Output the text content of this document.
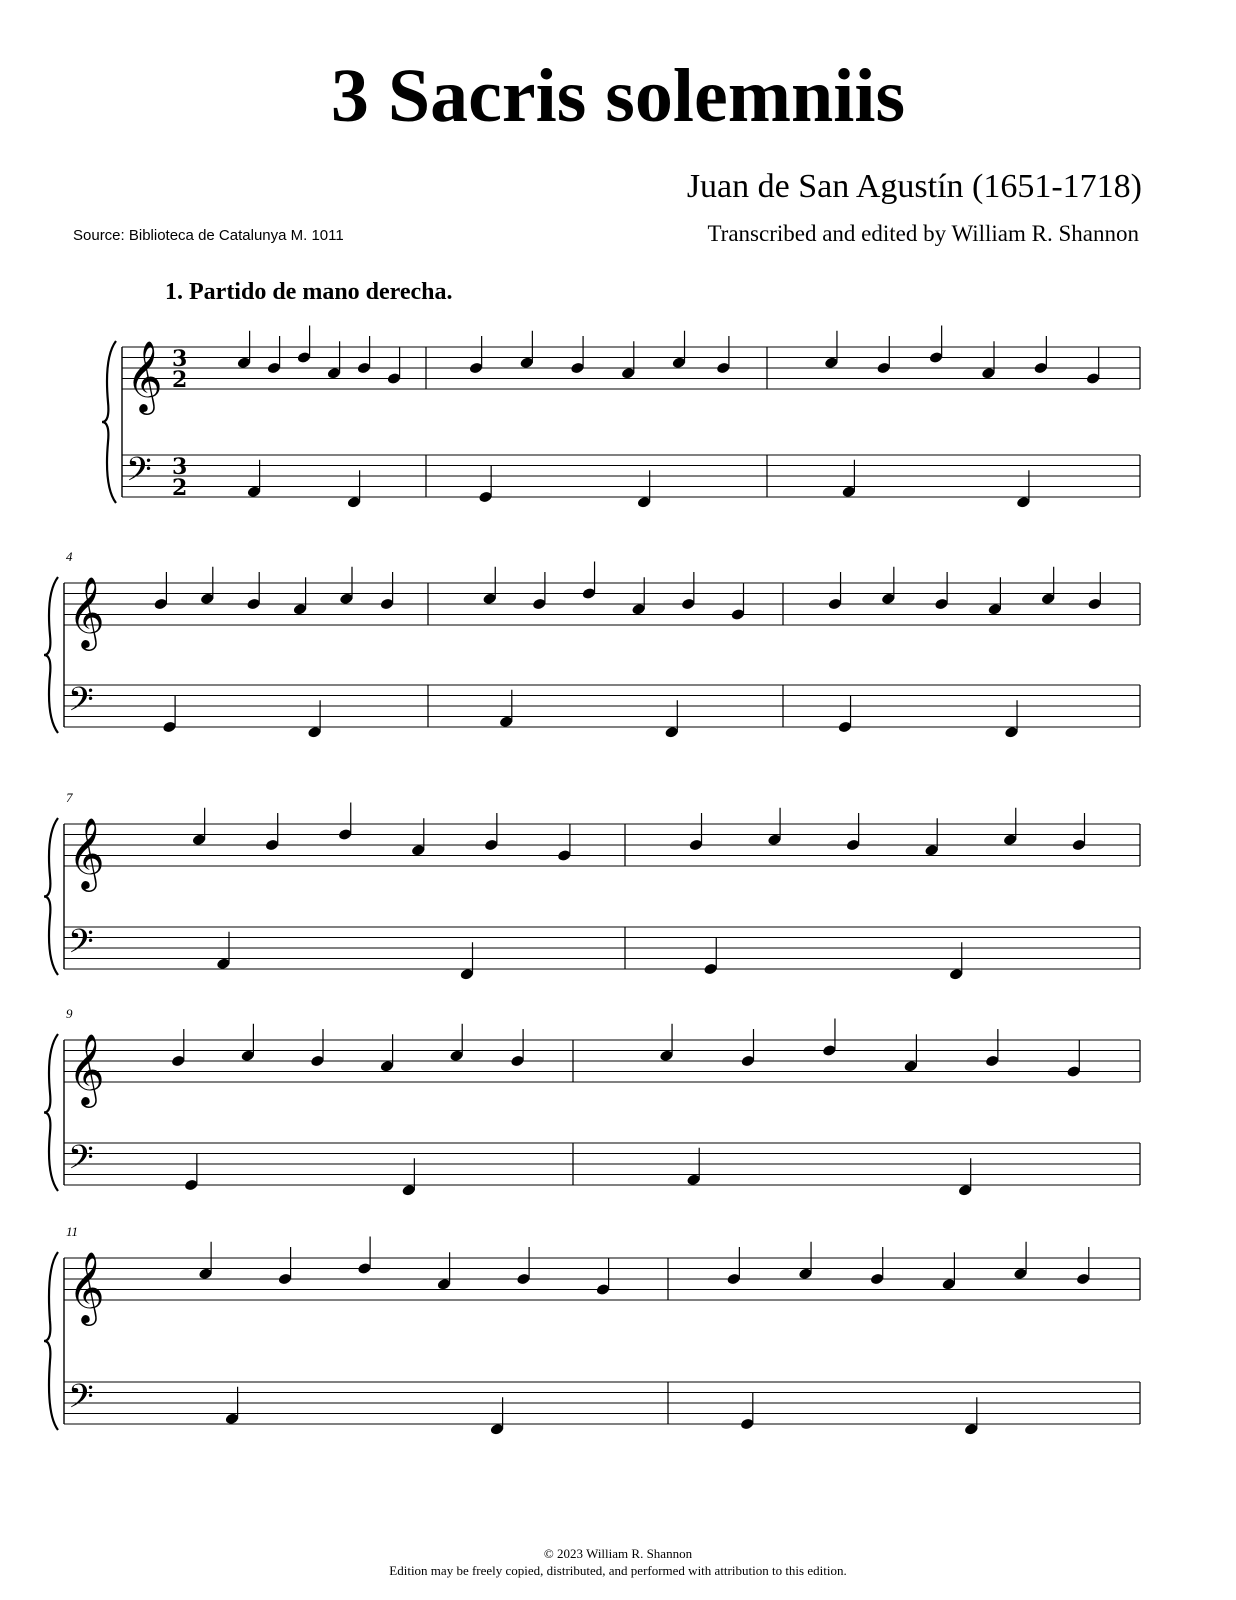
3 Sacris solemniis
Juan de San Agustín (1651-1718)
Source: Biblioteca de Catalunya M. 1011	Transcribed and edited by William R. Shannon
1. Partido de mano derecha.
𝄞
𝄢
3
2
3
2
𝄞
𝄢
4
𝄞
𝄢
7
𝄞
𝄢
9
𝄞
𝄢
11
© 2023 William R. Shannon
Edition may be freely copied, distributed, and performed with attribution to this edition.
